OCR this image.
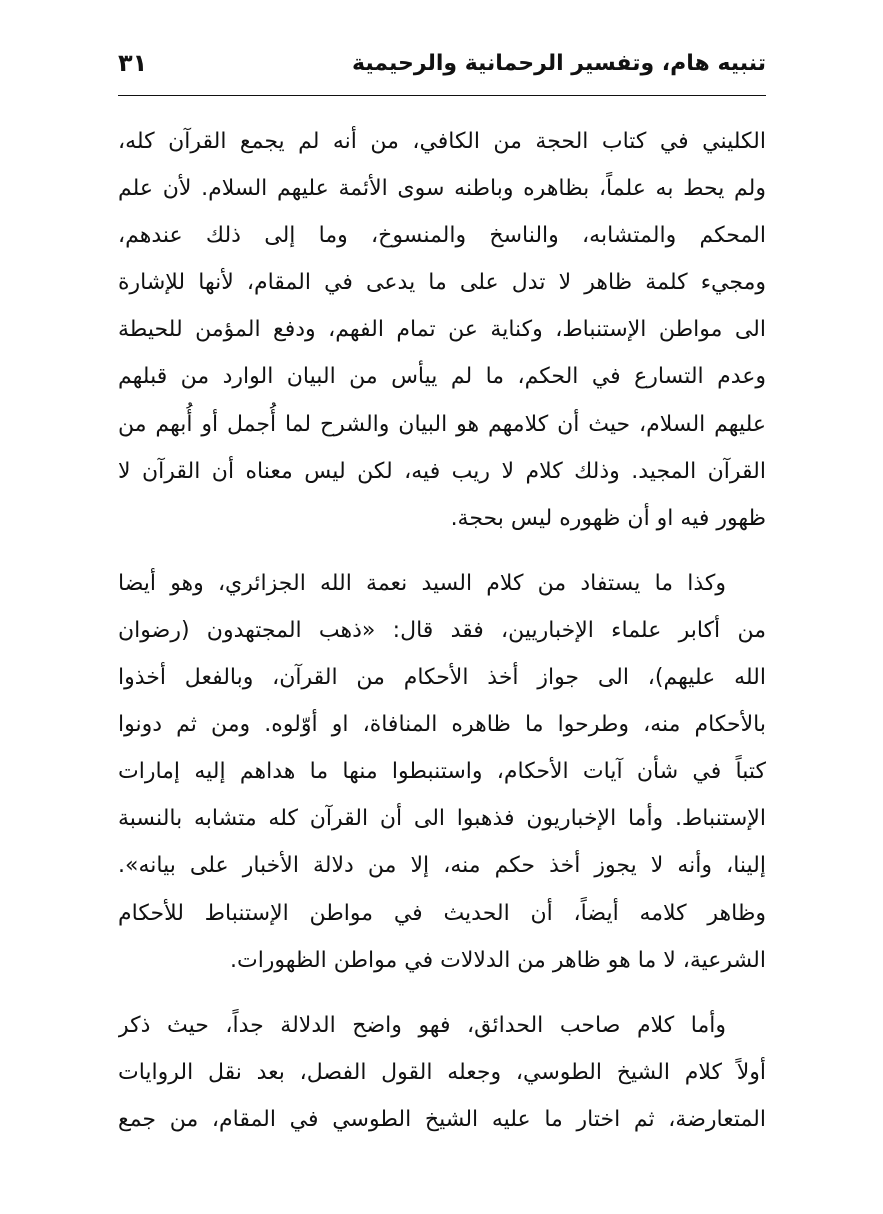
تنبيه هام، وتفسير الرحمانية والرحيمية
٣١
الكليني في كتاب الحجة من الكافي، من أنه لم يجمع القرآن كله،
ولم يحط به علماً، بظاهره وباطنه سوى الأئمة عليهم السلام. لأن علم
المحكم والمتشابه، والناسخ والمنسوخ، وما إلى ذلك عندهم،
ومجيء كلمة ظاهر لا تدل على ما يدعى في المقام، لأنها للإشارة
الى مواطن الإستنباط، وكناية عن تمام الفهم، ودفع المؤمن للحيطة
وعدم التسارع في الحكم، ما لم ييأس من البيان الوارد من قبلهم
عليهم السلام، حيث أن كلامهم هو البيان والشرح لما أُجمل أو أُبهم من
القرآن المجيد. وذلك كلام لا ريب فيه، لكن ليس معناه أن القرآن لا
ظهور فيه او أن ظهوره ليس بحجة.
وكذا ما يستفاد من كلام السيد نعمة الله الجزائري، وهو أيضا
من أكابر علماء الإخباريين، فقد قال: «ذهب المجتهدون (رضوان
الله عليهم)، الى جواز أخذ الأحكام من القرآن، وبالفعل أخذوا
بالأحكام منه، وطرحوا ما ظاهره المنافاة، او أوّلوه. ومن ثم دونوا
كتباً في شأن آيات الأحكام، واستنبطوا منها ما هداهم إليه إمارات
الإستنباط. وأما الإخباريون فذهبوا الى أن القرآن كله متشابه بالنسبة
إلينا، وأنه لا يجوز أخذ حكم منه، إلا من دلالة الأخبار على بيانه».
وظاهر كلامه أيضاً، أن الحديث في مواطن الإستنباط للأحكام
الشرعية، لا ما هو ظاهر من الدلالات في مواطن الظهورات.
وأما كلام صاحب الحدائق، فهو واضح الدلالة جداً، حيث ذكر
أولاً كلام الشيخ الطوسي، وجعله القول الفصل، بعد نقل الروايات
المتعارضة، ثم اختار ما عليه الشيخ الطوسي في المقام، من جمع
